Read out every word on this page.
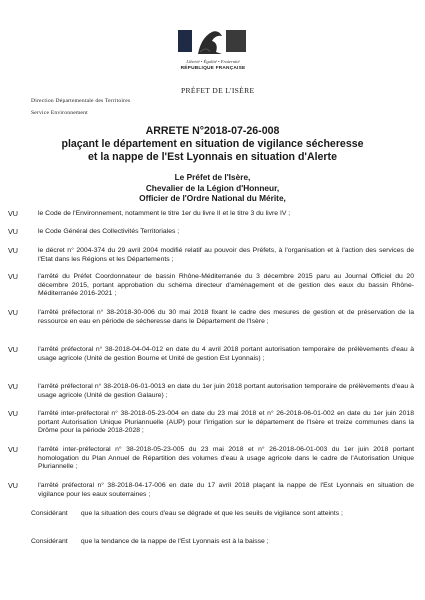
Liberté • Égalité • Fraternité
RÉPUBLIQUE FRANÇAISE
PRÉFET DE L'ISÈRE
Direction Départementale des Territoires
Service Environnement
ARRETE N°2018-07-26-008
plaçant le département en situation de vigilance sécheresse
et la nappe de l'Est Lyonnais en situation d'Alerte
Le Préfet de l'Isère,
Chevalier de la Légion d'Honneur,
Officier de l'Ordre National du Mérite,
VU	le Code de l'Environnement, notamment le titre 1er du livre II et le titre 3 du livre IV ;
VU	le Code Général des Collectivités Territoriales ;
VU	le décret n° 2004-374 du 29 avril 2004 modifié relatif au pouvoir des Préfets, à l'organisation et à l'action des services de l'Etat dans les Régions et les Départements ;
VU	l'arrêté du Préfet Coordonnateur de bassin Rhône-Méditerranée du 3 décembre 2015 paru au Journal Officiel du 20 décembre 2015, portant approbation du schéma directeur d'aménagement et de gestion des eaux du bassin Rhône-Méditerranée 2016-2021 ;
VU	l'arrêté préfectoral n° 38-2018-30-006 du 30 mai 2018 fixant le cadre des mesures de gestion et de préservation de la ressource en eau en période de sécheresse dans le Département de l'Isère ;
VU	l'arrêté préfectoral n° 38-2018-04-04-012 en date du 4 avril 2018 portant autorisation temporaire de prélèvements d'eau à usage agricole (Unité de gestion Bourne et Unité de gestion Est Lyonnais) ;
VU	l'arrêté préfectoral n° 38-2018-06-01-0013 en date du 1er juin 2018 portant autorisation temporaire de prélèvements d'eau à usage agricole (Unité de gestion Galaure) ;
VU	l'arrêté inter-préfectoral n° 38-2018-05-23-004 en date du 23 mai 2018 et n° 26-2018-06-01-002 en date du 1er juin 2018 portant Autorisation Unique Pluriannuelle (AUP) pour l'irrigation sur le département de l'Isère et treize communes dans la Drôme pour la période 2018-2028 ;
VU	l'arrêté inter-préfectoral n° 38-2018-05-23-005 du 23 mai 2018 et n° 26-2018-06-01-003 du 1er juin 2018 portant homologation du Plan Annuel de Répartition des volumes d'eau à usage agricole dans le cadre de l'Autorisation Unique Pluriannelle ;
VU	l'arrêté préfectoral n° 38-2018-04-17-006 en date du 17 avril 2018 plaçant la nappe de l'Est Lyonnais en situation de vigilance pour les eaux souterraines ;
Considérant que la situation des cours d'eau se dégrade et que les seuils de vigilance sont atteints ;
Considérant que la tendance de la nappe de l'Est Lyonnais est à la baisse ;
